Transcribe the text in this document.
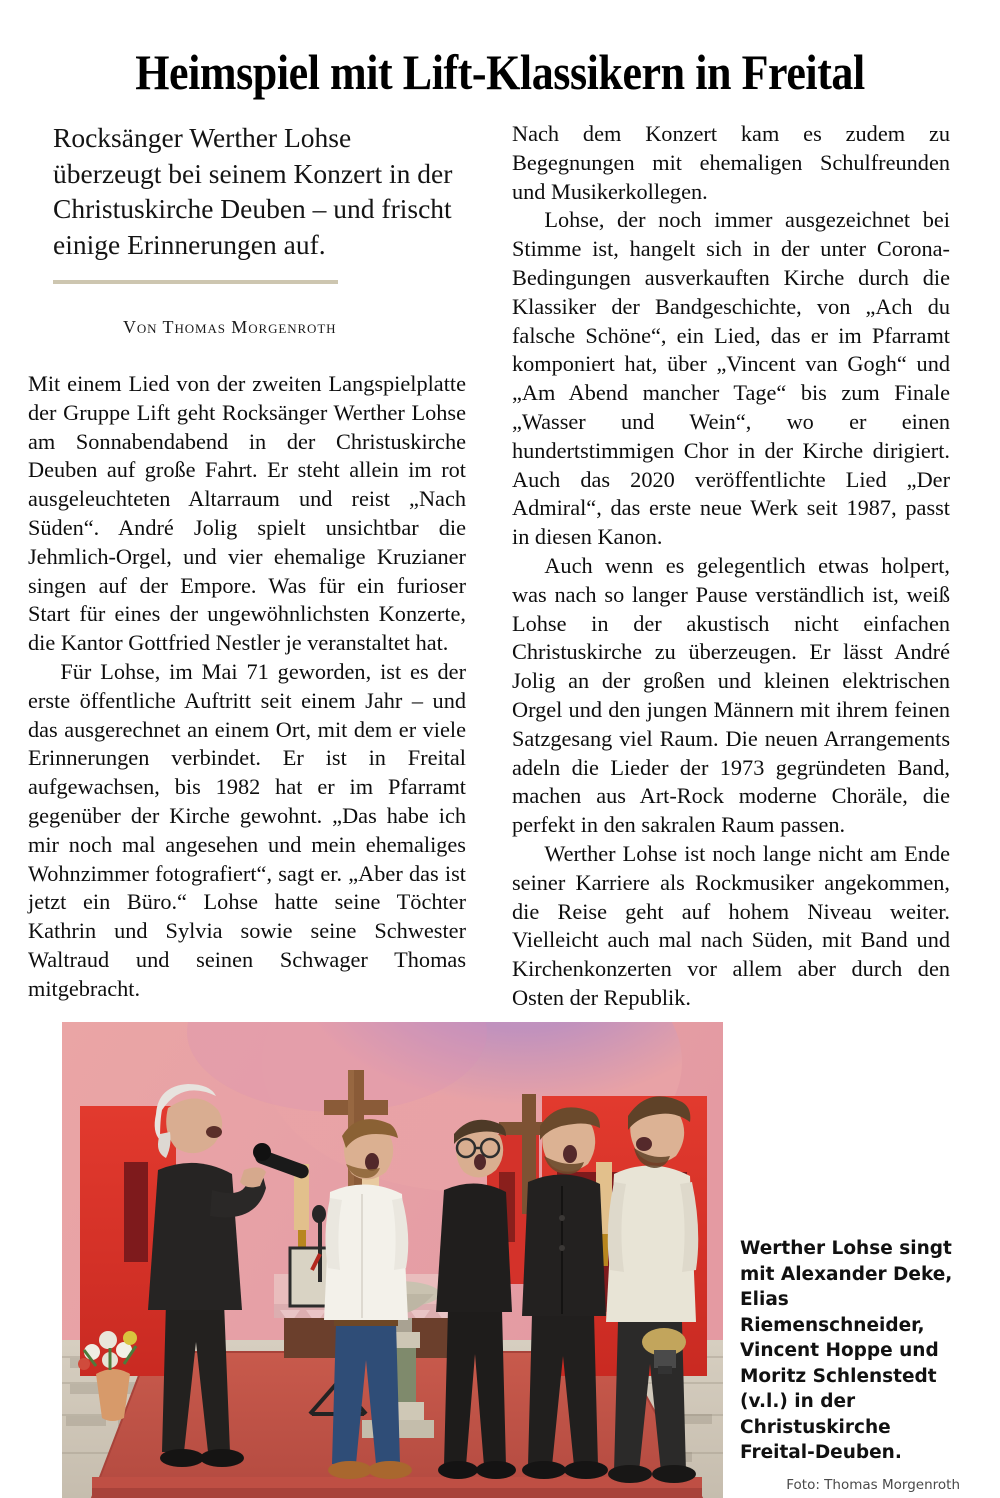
Heimspiel mit Lift-Klassikern in Freital
Rocksänger Werther Lohse überzeugt bei seinem Konzert in der Christuskirche Deuben – und frischt einige Erinnerungen auf.
Von Thomas Morgenroth

Mit einem Lied von der zweiten Langspielplatte der Gruppe Lift geht Rocksänger Werther Lohse am Sonnabendabend in der Christuskirche Deuben auf große Fahrt. Er steht allein im rot ausgeleuchteten Altarraum und reist „Nach Süden“. André Jolig spielt unsichtbar die Jehmlich-Orgel, und vier ehemalige Kruzianer singen auf der Empore. Was für ein furioser Start für eines der ungewöhnlichsten Konzerte, die Kantor Gottfried Nestler je veranstaltet hat.

Für Lohse, im Mai 71 geworden, ist es der erste öffentliche Auftritt seit einem Jahr – und das ausgerechnet an einem Ort, mit dem er viele Erinnerungen verbindet. Er ist in Freital aufgewachsen, bis 1982 hat er im Pfarramt gegenüber der Kirche gewohnt. „Das habe ich mir noch mal angesehen und mein ehemaliges Wohnzimmer fotografiert“, sagt er. „Aber das ist jetzt ein Büro.“ Lohse hatte seine Töchter Kathrin und Sylvia sowie seine Schwester Waltraud und seinen Schwager Thomas mitgebracht.

Nach dem Konzert kam es zudem zu Begegnungen mit ehemaligen Schulfreunden und Musikerkollegen.

Lohse, der noch immer ausgezeichnet bei Stimme ist, hangelt sich in der unter Corona-Bedingungen ausverkauften Kirche durch die Klassiker der Bandgeschichte, von „Ach du falsche Schöne“, ein Lied, das er im Pfarramt komponiert hat, über „Vincent van Gogh“ und „Am Abend mancher Tage“ bis zum Finale „Wasser und Wein“, wo er einen hundertstimmigen Chor in der Kirche dirigiert. Auch das 2020 veröffentlichte Lied „Der Admiral“, das erste neue Werk seit 1987, passt in diesen Kanon.

Auch wenn es gelegentlich etwas holpert, was nach so langer Pause verständlich ist, weiß Lohse in der akustisch nicht einfachen Christuskirche zu überzeugen. Er lässt André Jolig an der großen und kleinen elektrischen Orgel und den jungen Männern mit ihrem feinen Satzgesang viel Raum. Die neuen Arrangements adeln die Lieder der 1973 gegründeten Band, machen aus Art-Rock moderne Choräle, die perfekt in den sakralen Raum passen.

Werther Lohse ist noch lange nicht am Ende seiner Karriere als Rockmusiker angekommen, die Reise geht auf hohem Niveau weiter. Vielleicht auch mal nach Süden, mit Band und Kirchenkonzerten vor allem aber durch den Osten der Republik.

Werther Lohse singt mit Alexander Deke, Elias Riemenschneider, Vincent Hoppe und Moritz Schlenstedt (v.l.) in der Christuskirche Freital-Deuben.

Foto: Thomas Morgenroth
